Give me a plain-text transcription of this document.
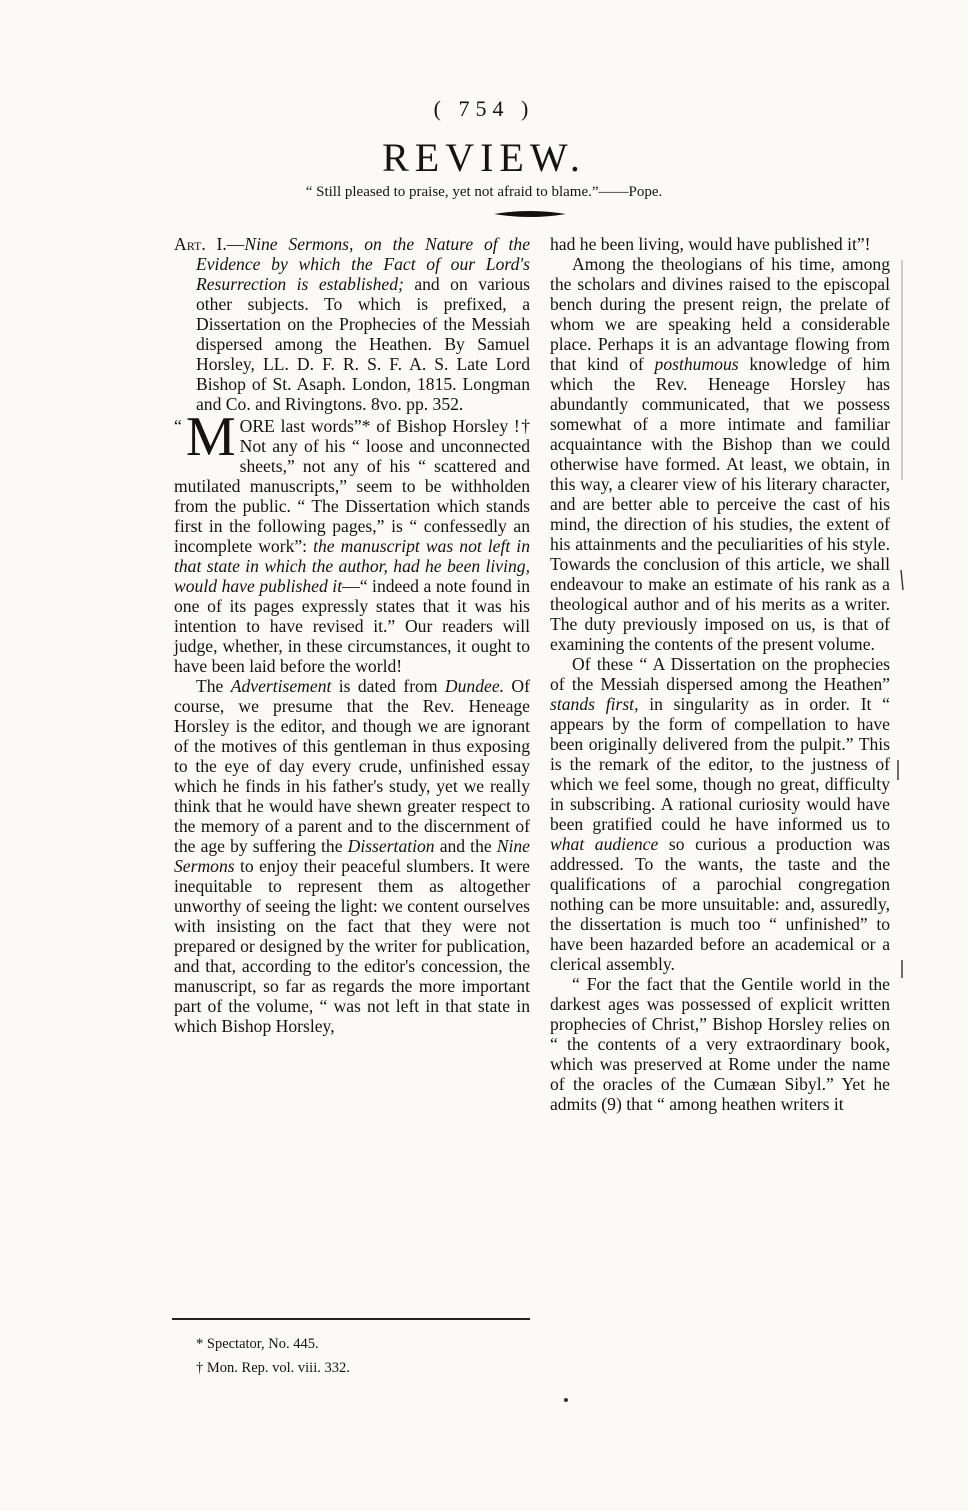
( 754 )
REVIEW.
“ Still pleased to praise, yet not afraid to blame.”——Pope.

Art. I.—Nine Sermons, on the Nature of the Evidence by which the Fact of our Lord's Resurrection is established; and on various other subjects. To which is prefixed, a Dissertation on the Prophecies of the Messiah dispersed among the Heathen. By Samuel Horsley, LL. D. F. R. S. F. A. S. Late Lord Bishop of St. Asaph. London, 1815. Longman and Co. and Rivingtons. 8vo. pp. 352.

“ M ORE last words”* of Bishop Horsley !† Not any of his “ loose and unconnected sheets,” not any of his “ scattered and mutilated manuscripts,” seem to be withholden from the public. “ The Dissertation which stands first in the following pages,” is “ confessedly an incomplete work”: the manuscript was not left in that state in which the author, had he been living, would have published it—“ indeed a note found in one of its pages expressly states that it was his intention to have revised it.” Our readers will judge, whether, in these circumstances, it ought to have been laid before the world!

The Advertisement is dated from Dundee. Of course, we presume that the Rev. Heneage Horsley is the editor, and though we are ignorant of the motives of this gentleman in thus exposing to the eye of day every crude, unfinished essay which he finds in his father's study, yet we really think that he would have shewn greater respect to the memory of a parent and to the discernment of the age by suffering the Dissertation and the Nine Sermons to enjoy their peaceful slumbers. It were inequitable to represent them as altogether unworthy of seeing the light: we content ourselves with insisting on the fact that they were not prepared or designed by the writer for publication, and that, according to the editor's concession, the manuscript, so far as regards the more important part of the volume, “ was not left in that state in which Bishop Horsley,

had he been living, would have published it”!

Among the theologians of his time, among the scholars and divines raised to the episcopal bench during the present reign, the prelate of whom we are speaking held a considerable place. Perhaps it is an advantage flowing from that kind of posthumous knowledge of him which the Rev. Heneage Horsley has abundantly communicated, that we possess somewhat of a more intimate and familiar acquaintance with the Bishop than we could otherwise have formed. At least, we obtain, in this way, a clearer view of his literary character, and are better able to perceive the cast of his mind, the direction of his studies, the extent of his attainments and the peculiarities of his style. Towards the conclusion of this article, we shall endeavour to make an estimate of his rank as a theological author and of his merits as a writer. The duty previously imposed on us, is that of examining the contents of the present volume.

Of these “ A Dissertation on the prophecies of the Messiah dispersed among the Heathen” stands first, in singularity as in order. It “ appears by the form of compellation to have been originally delivered from the pulpit.” This is the remark of the editor, to the justness of which we feel some, though no great, difficulty in subscribing. A rational curiosity would have been gratified could he have informed us to what audience so curious a production was addressed. To the wants, the taste and the qualifications of a parochial congregation nothing can be more unsuitable: and, assuredly, the dissertation is much too “ unfinished” to have been hazarded before an academical or a clerical assembly.

“ For the fact that the Gentile world in the darkest ages was possessed of explicit written prophecies of Christ,” Bishop Horsley relies on “ the contents of a very extraordinary book, which was preserved at Rome under the name of the oracles of the Cumæan Sibyl.” Yet he admits (9) that “ among heathen writers it

* Spectator, No. 445.
† Mon. Rep. vol. viii. 332.
